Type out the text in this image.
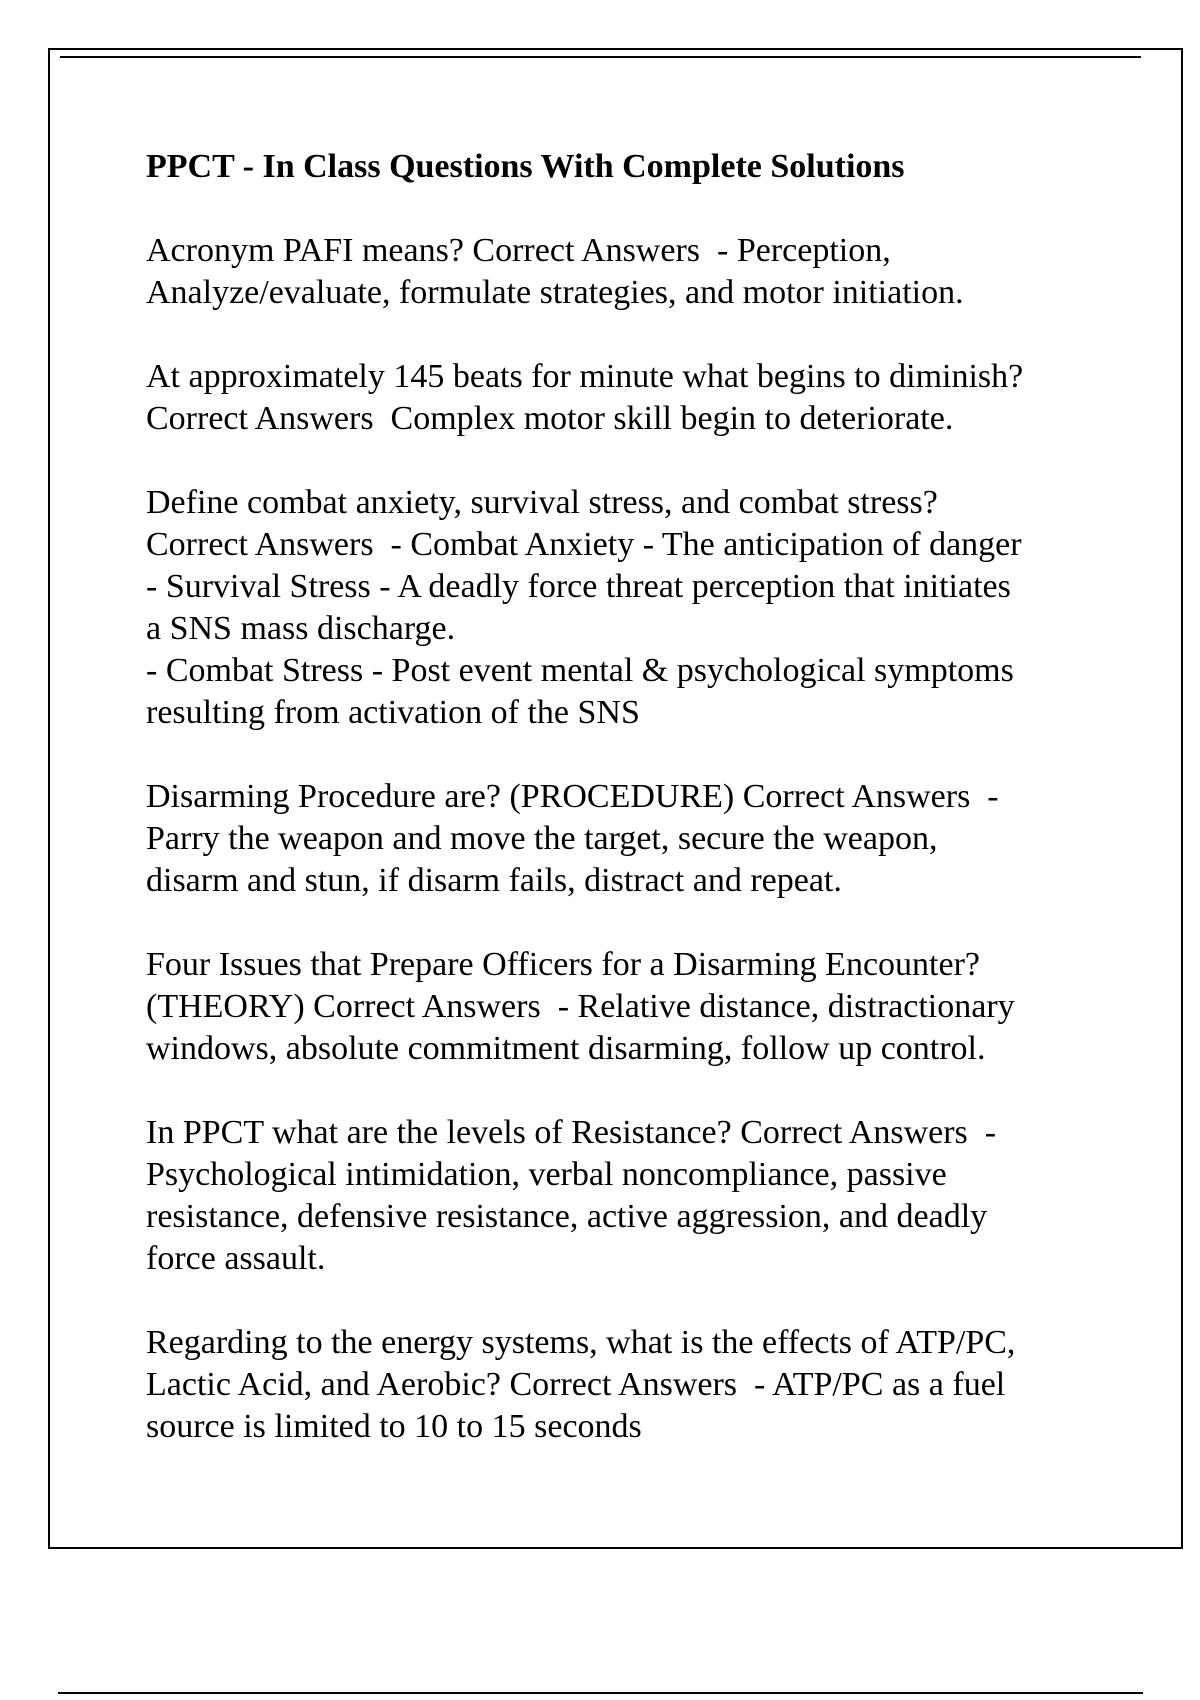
PPCT - In Class Questions With Complete Solutions
Acronym PAFI means? Correct Answers  - Perception,
Analyze/evaluate, formulate strategies, and motor initiation.
At approximately 145 beats for minute what begins to diminish?
Correct Answers  Complex motor skill begin to deteriorate.
Define combat anxiety, survival stress, and combat stress?
Correct Answers  - Combat Anxiety - The anticipation of danger
- Survival Stress - A deadly force threat perception that initiates
a SNS mass discharge.
- Combat Stress - Post event mental & psychological symptoms
resulting from activation of the SNS
Disarming Procedure are? (PROCEDURE) Correct Answers  -
Parry the weapon and move the target, secure the weapon,
disarm and stun, if disarm fails, distract and repeat.
Four Issues that Prepare Officers for a Disarming Encounter?
(THEORY) Correct Answers  - Relative distance, distractionary
windows, absolute commitment disarming, follow up control.
In PPCT what are the levels of Resistance? Correct Answers  -
Psychological intimidation, verbal noncompliance, passive
resistance, defensive resistance, active aggression, and deadly
force assault.
Regarding to the energy systems, what is the effects of ATP/PC,
Lactic Acid, and Aerobic? Correct Answers  - ATP/PC as a fuel
source is limited to 10 to 15 seconds
